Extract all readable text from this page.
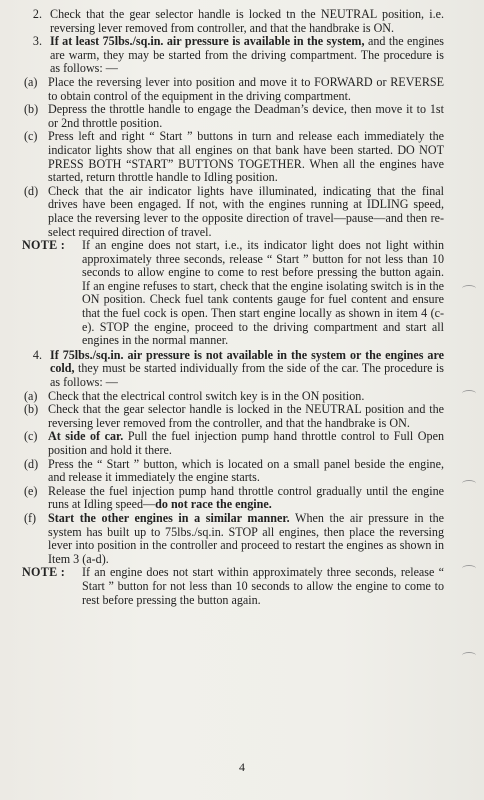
2. Check that the gear selector handle is locked tn the NEUTRAL position, i.e. reversing lever removed from controller, and that the handbrake is ON.

3. If at least 75lbs./sq.in. air pressure is available in the system, and the engines are warm, they may be started from the driving compartment. The procedure is as follows: —

(a) Place the reversing lever into position and move it to FORWARD or REVERSE to obtain control of the equipment in the driving compartment.

(b) Depress the throttle handle to engage the Deadman’s device, then move it to 1st or 2nd throttle position.

(c) Press left and right “ Start ” buttons in turn and release each immediately the indicator lights show that all engines on that bank have been started. DO NOT PRESS BOTH “START” BUTTONS TOGETHER. When all the engines have started, return throttle handle to Idling position.

(d) Check that the air indicator lights have illuminated, indicating that the final drives have been engaged. If not, with the engines running at IDLING speed, place the reversing lever to the opposite direction of travel—pause—and then re-select required direction of travel.

NOTE : If an engine does not start, i.e., its indicator light does not light within approximately three seconds, release “ Start ” button for not less than 10 seconds to allow engine to come to rest before pressing the button again. If an engine refuses to start, check that the engine isolating switch is in the ON position. Check fuel tank contents gauge for fuel content and ensure that the fuel cock is open. Then start engine locally as shown in item 4 (c-e). STOP the engine, proceed to the driving compartment and start all engines in the normal manner.

4. If 75lbs./sq.in. air pressure is not available in the system or the engines are cold, they must be started individually from the side of the car. The procedure is as follows: —

(a) Check that the electrical control switch key is in the ON position.

(b) Check that the gear selector handle is locked in the NEUTRAL position and the reversing lever removed from the controller, and that the handbrake is ON.

(c) At side of car. Pull the fuel injection pump hand throttle control to Full Open position and hold it there.

(d) Press the “ Start ” button, which is located on a small panel beside the engine, and release it immediately the engine starts.

(e) Release the fuel injection pump hand throttle control gradually until the engine runs at Idling speed—do not race the engine.

(f) Start the other engines in a similar manner. When the air pressure in the system has built up to 75lbs./sq.in. STOP all engines, then place the reversing lever into position in the controller and proceed to restart the engines as shown in Item 3 (a-d).

NOTE : If an engine does not start within approximately three seconds, release “ Start ” button for not less than 10 seconds to allow the engine to come to rest before pressing the button again.

4
